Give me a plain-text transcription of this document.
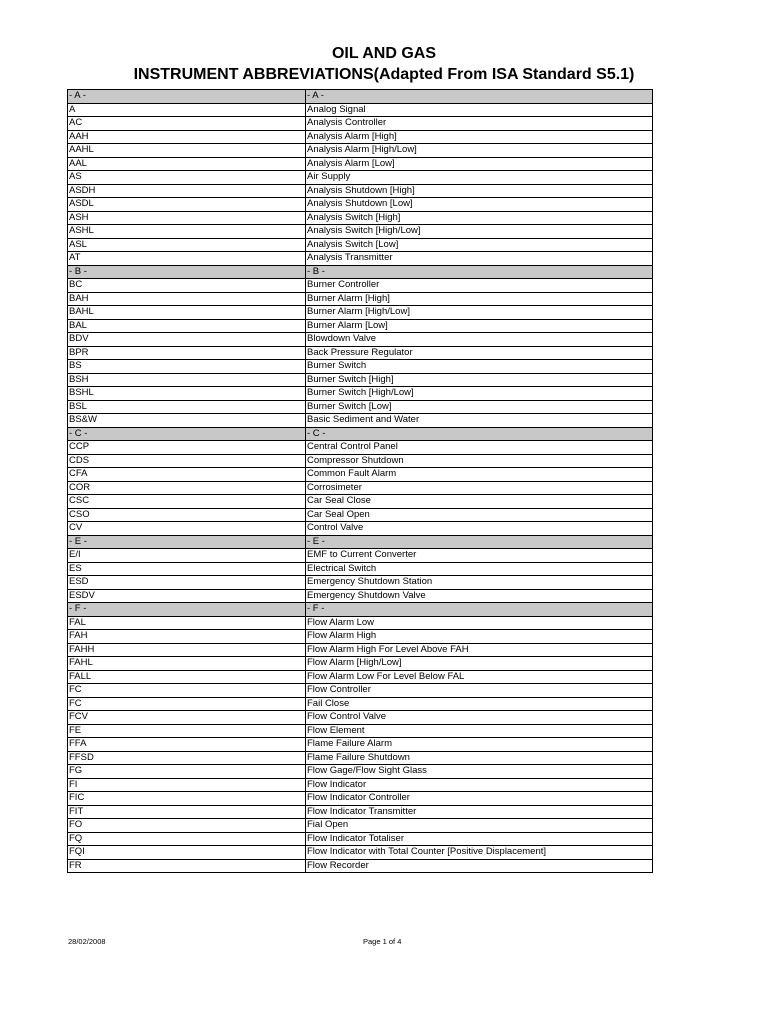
OIL AND GAS
INSTRUMENT ABBREVIATIONS(Adapted From ISA Standard S5.1)
- A -	- A -
A	Analog Signal
AC	Analysis Controller
AAH	Analysis Alarm [High]
AAHL	Analysis Alarm [High/Low]
AAL	Analysis Alarm [Low]
AS	Air Supply
ASDH	Analysis Shutdown [High]
ASDL	Analysis Shutdown [Low]
ASH	Analysis Switch [High]
ASHL	Analysis Switch [High/Low]
ASL	Analysis Switch [Low]
AT	Analysis Transmitter
- B -	- B -
BC	Burner Controller
BAH	Burner Alarm [High]
BAHL	Burner Alarm [High/Low]
BAL	Burner Alarm [Low]
BDV	Blowdown Valve
BPR	Back Pressure Regulator
BS	Burner Switch
BSH	Burner Switch [High]
BSHL	Burner Switch [High/Low]
BSL	Burner Switch [Low]
BS&W	Basic Sediment and Water
- C -	- C -
CCP	Central Control Panel
CDS	Compressor Shutdown
CFA	Common Fault Alarm
COR	Corrosimeter
CSC	Car Seal Close
CSO	Car Seal Open
CV	Control Valve
- E -	- E -
E/I	EMF to Current Converter
ES	Electrical Switch
ESD	Emergency Shutdown Station
ESDV	Emergency Shutdown Valve
- F -	- F -
FAL	Flow Alarm Low
FAH	Flow Alarm High
FAHH	Flow Alarm High For Level Above FAH
FAHL	Flow Alarm [High/Low]
FALL	Flow Alarm Low For Level Below FAL
FC	Flow Controller
FC	Fail Close
FCV	Flow Control Valve
FE	Flow Element
FFA	Flame Failure Alarm
FFSD	Flame Failure Shutdown
FG	Flow Gage/Flow Sight Glass
FI	Flow Indicator
FIC	Flow Indicator Controller
FIT	Flow Indicator Transmitter
FO	Fial Open
FQ	Flow Indicator Totaliser
FQI	Flow Indicator with Total Counter [Positive Displacement]
FR	Flow Recorder
28/02/2008	Page 1 of 4
